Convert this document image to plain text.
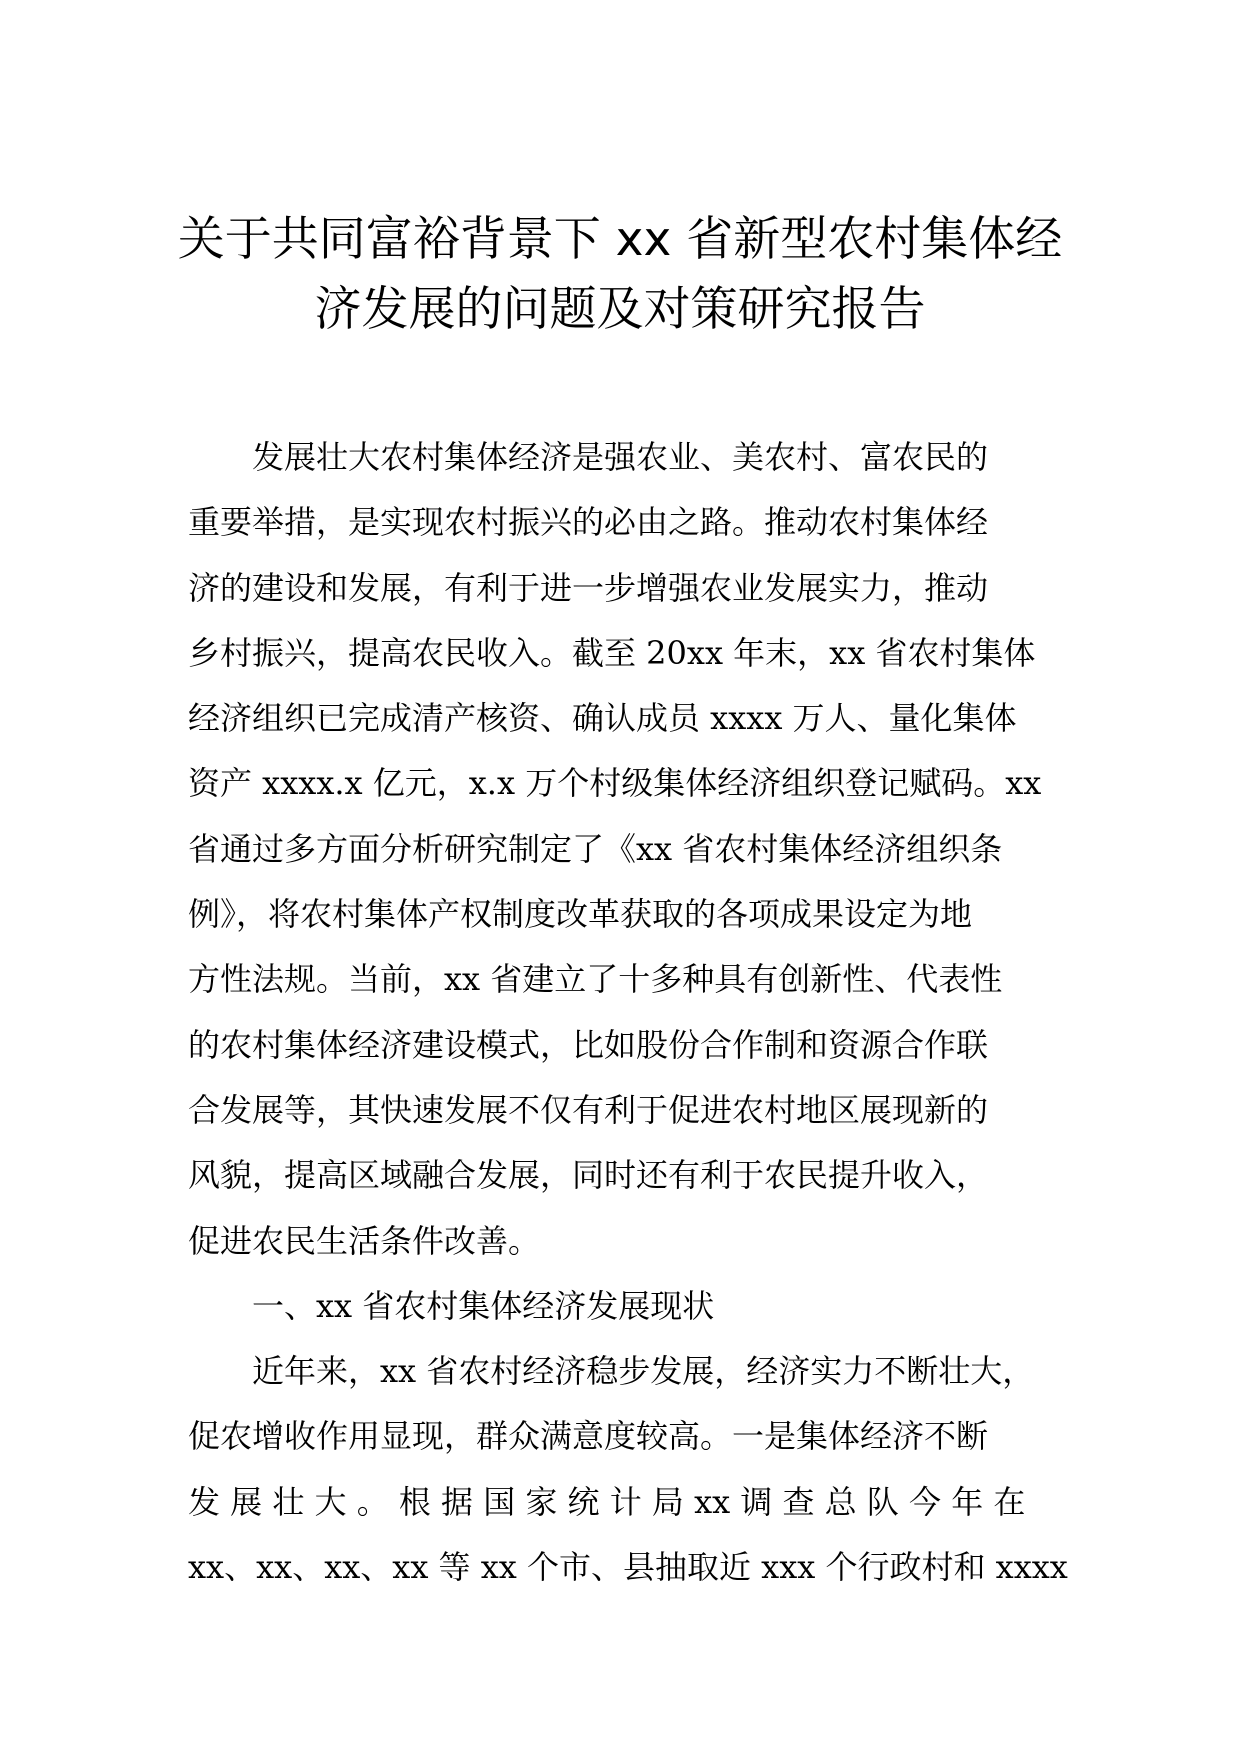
关于共同富裕背景下 xx 省新型农村集体经
济发展的问题及对策研究报告
发展壮大农村集体经济是强农业、美农村、富农民的
重要举措，是实现农村振兴的必由之路。推动农村集体经
济的建设和发展，有利于进一步增强农业发展实力，推动
乡村振兴，提高农民收入。截至 20xx 年末，xx 省农村集体
经济组织已完成清产核资、确认成员 xxxx 万人、量化集体
资产 xxxx.x 亿元，x.x 万个村级集体经济组织登记赋码。xx
省通过多方面分析研究制定了《xx 省农村集体经济组织条
例》，将农村集体产权制度改革获取的各项成果设定为地
方性法规。当前，xx 省建立了十多种具有创新性、代表性
的农村集体经济建设模式，比如股份合作制和资源合作联
合发展等，其快速发展不仅有利于促进农村地区展现新的
风貌，提高区域融合发展，同时还有利于农民提升收入，
促进农民生活条件改善。
一、xx 省农村集体经济发展现状
近年来，xx 省农村经济稳步发展，经济实力不断壮大，
促农增收作用显现，群众满意度较高。一是集体经济不断
发 展 壮 大 。 根 据 国 家 统 计 局 xx 调 查 总 队 今 年 在
xx、xx、xx、xx 等 xx 个市、县抽取近 xxx 个行政村和 xxxx
